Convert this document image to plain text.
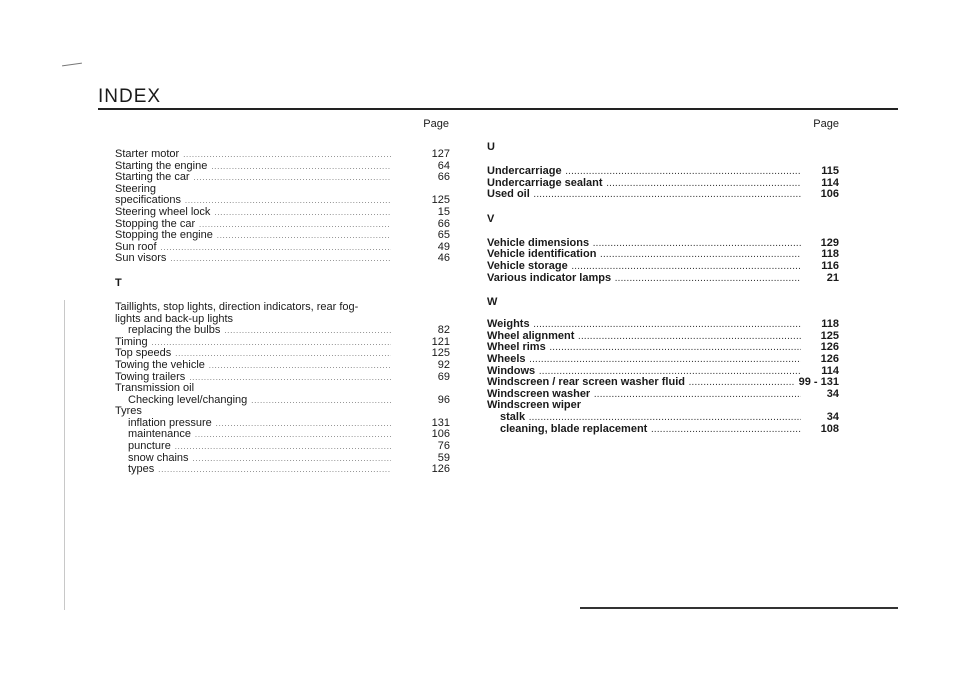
INDEX
Page
Starter motor .....	127
Starting the engine .....	64
Starting the car .....	66
Steering
specifications .....	125
Steering wheel lock .....	15
Stopping the car .....	66
Stopping the engine .....	65
Sun roof .....	49
Sun visors .....	46
T
Taillights, stop lights, direction indicators, rear fog-
lights and back-up lights
replacing the bulbs .....	82
Timing .....	121
Top speeds .....	125
Towing the vehicle .....	92
Towing trailers .....	69
Transmission oil
Checking level/changing .....	96
Tyres
inflation pressure .....	131
maintenance .....	106
puncture .....	76
snow chains .....	59
types .....	126
Page
U
Undercarriage .....	115
Undercarriage sealant .....	114
Used oil .....	106
V
Vehicle dimensions .....	129
Vehicle identification .....	118
Vehicle storage .....	116
Various indicator lamps .....	21
W
Weights .....	118
Wheel alignment .....	125
Wheel rims .....	126
Wheels .....	126
Windows .....	114
Windscreen / rear screen washer fluid .....	99 - 131
Windscreen washer .....	34
Windscreen wiper
stalk .....	34
cleaning, blade replacement .....	108
